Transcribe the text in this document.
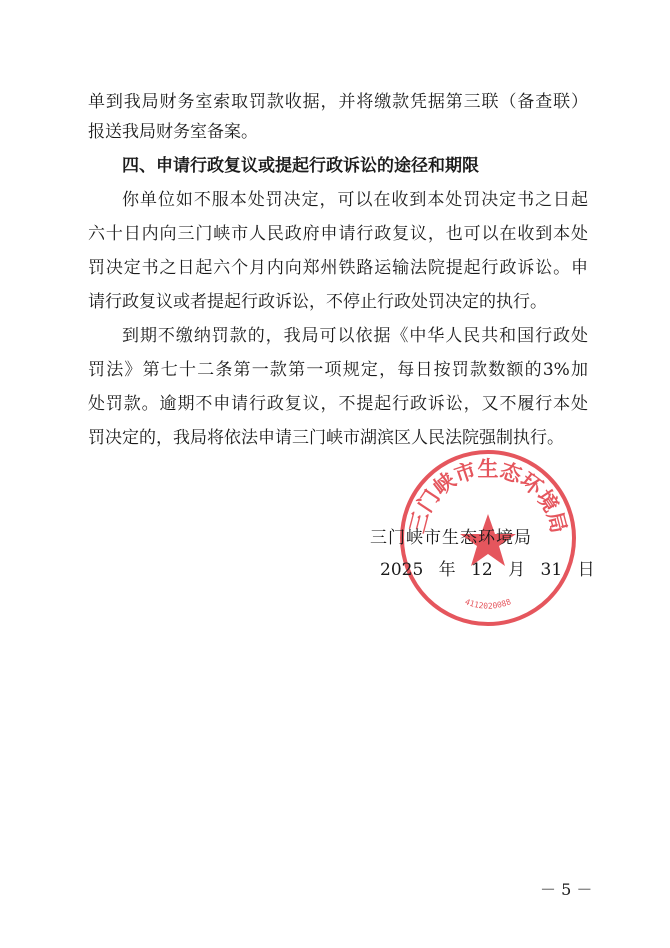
单到我局财务室索取罚款收据，并将缴款凭据第三联（备查联）
报送我局财务室备案。
四、申请行政复议或提起行政诉讼的途径和期限
你单位如不服本处罚决定，可以在收到本处罚决定书之日起
六十日内向三门峡市人民政府申请行政复议，也可以在收到本处
罚决定书之日起六个月内向郑州铁路运输法院提起行政诉讼。申
请行政复议或者提起行政诉讼，不停止行政处罚决定的执行。
到期不缴纳罚款的，我局可以依据《中华人民共和国行政处
罚法》第七十二条第一款第一项规定，每日按罚款数额的3%加
处罚款。逾期不申请行政复议，不提起行政诉讼，又不履行本处
罚决定的，我局将依法申请三门峡市湖滨区人民法院强制执行。
三门峡市生态环境局
4112020088
三门峡市生态环境局
2025 年 12 月 31 日
－ 5 －
